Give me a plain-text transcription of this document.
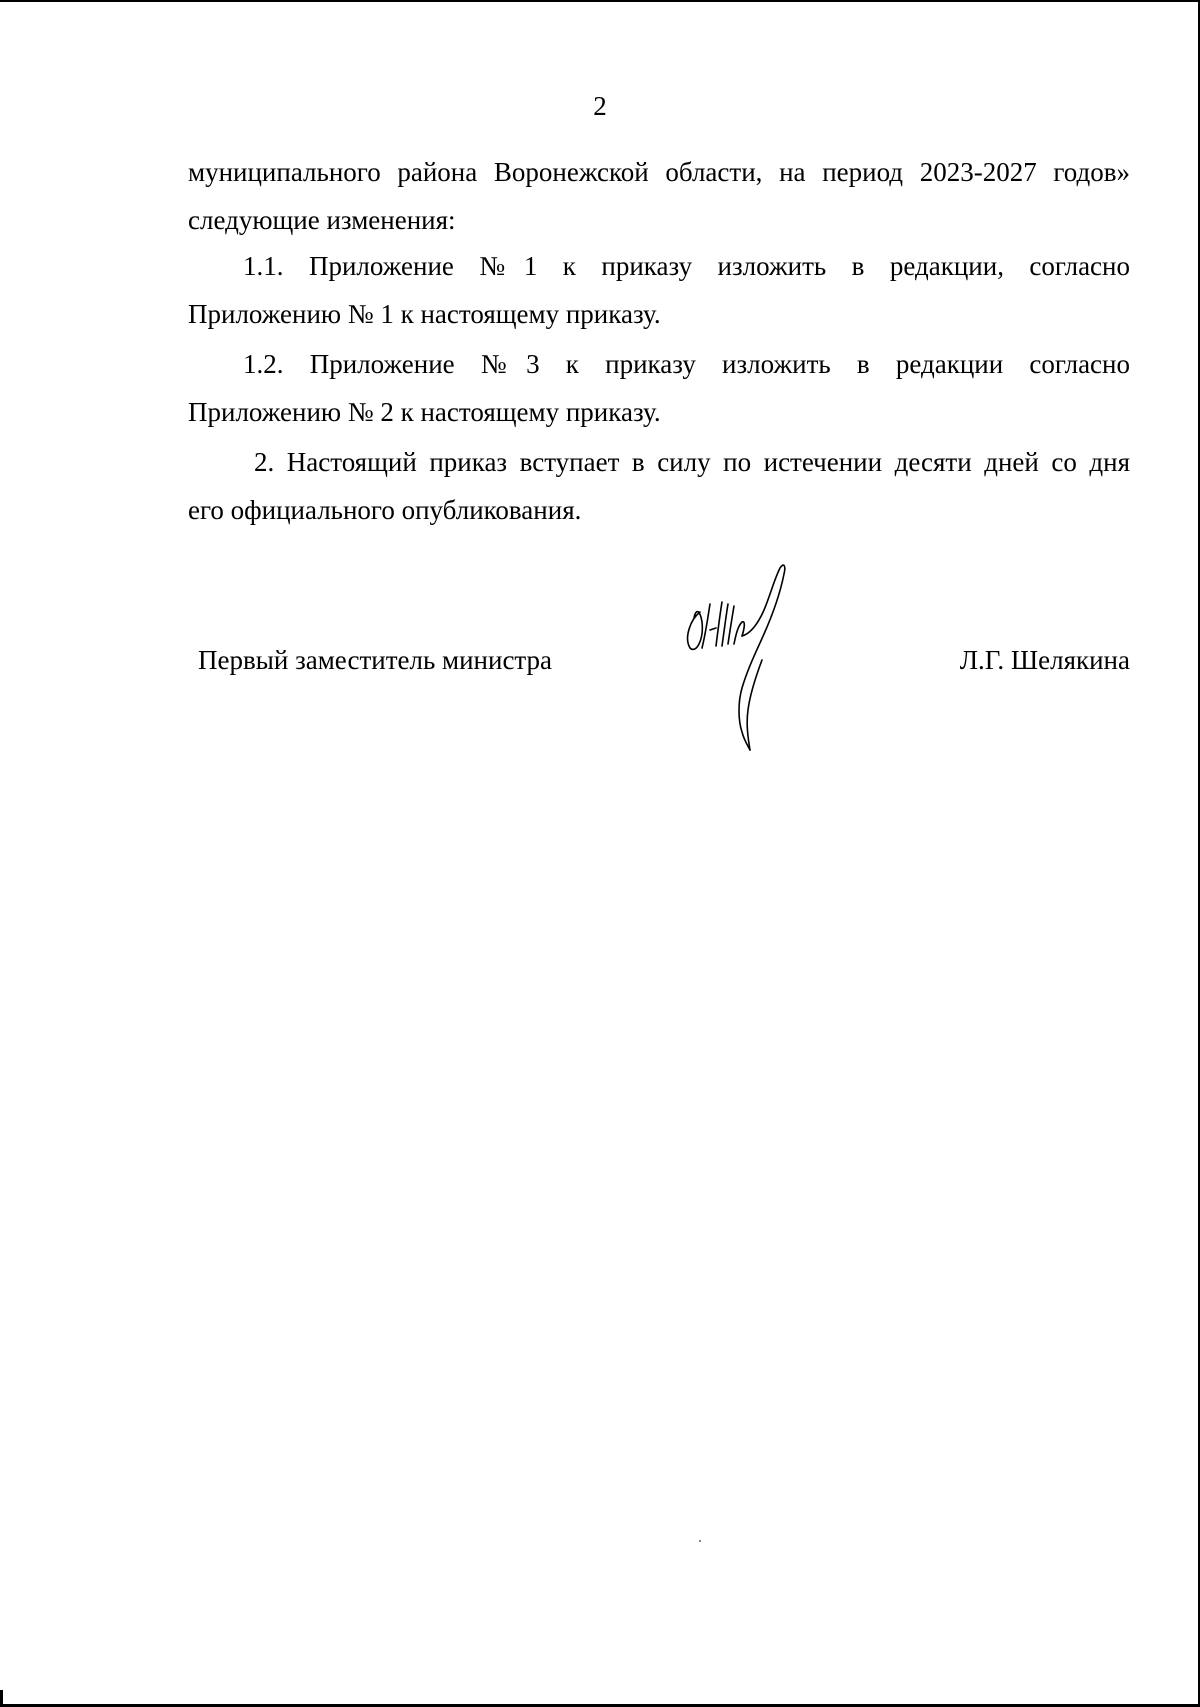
2
муниципального района Воронежской области, на период 2023-2027 годов»
следующие изменения:
1.1. Приложение №1 к приказу изложить в редакции, согласно
Приложению № 1 к настоящему приказу.
1.2. Приложение №3 к приказу изложить в редакции согласно
Приложению № 2 к настоящему приказу.
2. Настоящий приказ вступает в силу по истечении десяти дней со дня
его официального опубликования.
Первый заместитель министра	Л.Г. Шелякина
